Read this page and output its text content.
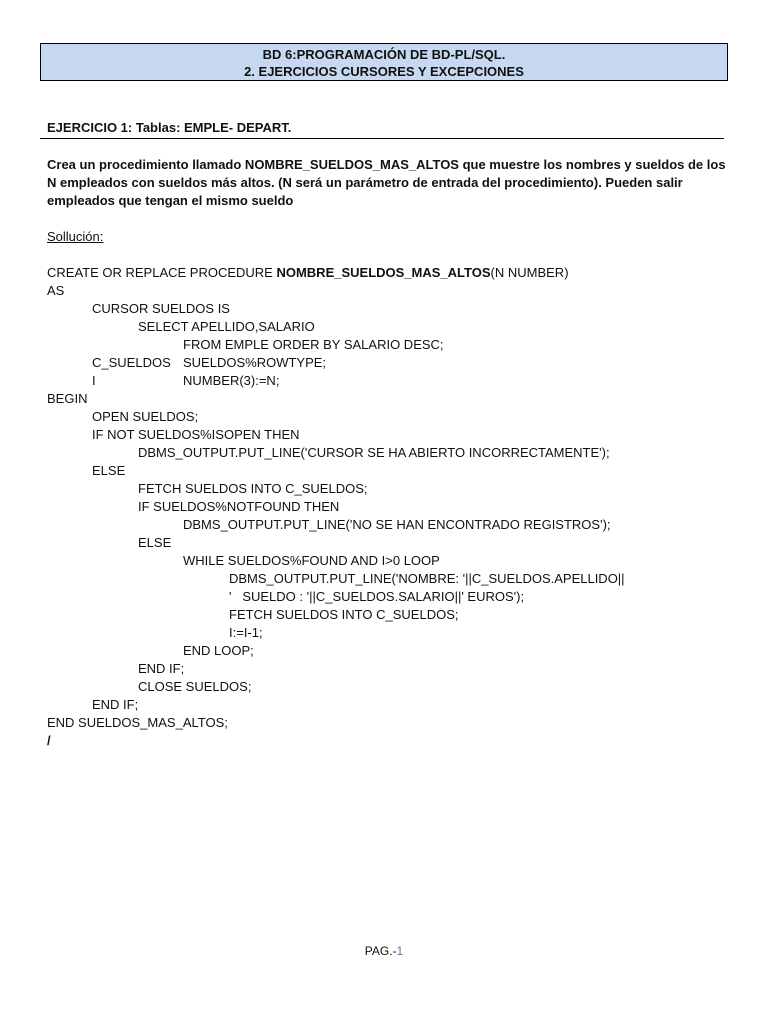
BD 6:PROGRAMACIÓN DE BD-PL/SQL.
2. EJERCICIOS CURSORES Y EXCEPCIONES
EJERCICIO 1: Tablas: EMPLE- DEPART.
Crea un procedimiento llamado NOMBRE_SUELDOS_MAS_ALTOS que muestre los nombres y sueldos de los N empleados con sueldos más altos. (N será un parámetro de entrada del procedimiento). Pueden salir empleados que tengan el mismo sueldo
Sollución:
CREATE OR REPLACE PROCEDURE NOMBRE_SUELDOS_MAS_ALTOS(N NUMBER)
AS
CURSOR SUELDOS IS
SELECT APELLIDO,SALARIO
FROM EMPLE ORDER BY SALARIO DESC;
C_SUELDOS SUELDOS%ROWTYPE;
I	NUMBER(3):=N;
BEGIN
OPEN SUELDOS;
IF NOT SUELDOS%ISOPEN THEN
DBMS_OUTPUT.PUT_LINE('CURSOR SE HA ABIERTO INCORRECTAMENTE');
ELSE
FETCH SUELDOS INTO C_SUELDOS;
IF SUELDOS%NOTFOUND THEN
DBMS_OUTPUT.PUT_LINE('NO SE HAN ENCONTRADO REGISTROS');
ELSE
WHILE SUELDOS%FOUND AND I>0 LOOP
DBMS_OUTPUT.PUT_LINE('NOMBRE: '||C_SUELDOS.APELLIDO||
'   SUELDO : '||C_SUELDOS.SALARIO||' EUROS');
FETCH SUELDOS INTO C_SUELDOS;
I:=I-1;
END LOOP;
END IF;
CLOSE SUELDOS;
END IF;
END SUELDOS_MAS_ALTOS;
/
PAG.-1
